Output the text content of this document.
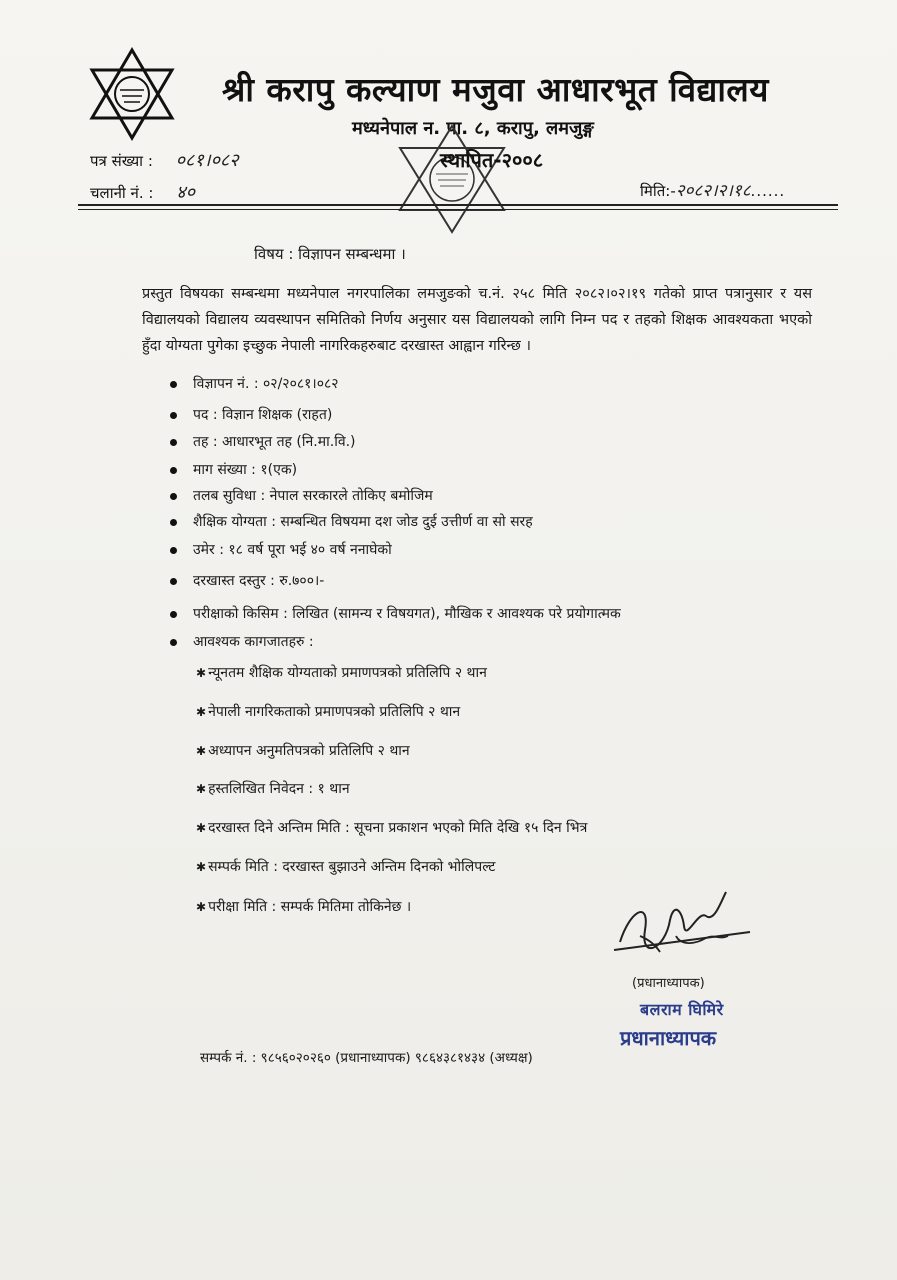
श्री करापु कल्याण मजुवा आधारभूत विद्यालय
मध्यनेपाल न. पा. ८, करापु, लमजुङ्ग
स्थापित-२००८
पत्र संख्या : ०८१।०८२
चलानी नं. : ४०	मिति:-२०८२।२।१८......
विषय : विज्ञापन सम्बन्धमा ।
प्रस्तुत विषयका सम्बन्धमा मध्यनेपाल नगरपालिका लमजुङको च.नं. २५८ मिति २०८२।०२।१९ गतेको प्राप्त पत्रानुसार र यस विद्यालयको विद्यालय व्यवस्थापन समितिको निर्णय अनुसार यस विद्यालयको लागि निम्न पद र तहको शिक्षक आवश्यकता भएको हुँदा योग्यता पुगेका इच्छुक नेपाली नागरिकहरुबाट दरखास्त आह्वान गरिन्छ ।
विज्ञापन नं. : ०२/२०८१।०८२
पद : विज्ञान शिक्षक (राहत)
तह : आधारभूत तह (नि.मा.वि.)
माग संख्या : १(एक)
तलब सुविधा : नेपाल सरकारले तोकिए बमोजिम
शैक्षिक योग्यता : सम्बन्धित विषयमा दश जोड दुई उत्तीर्ण वा सो सरह
उमेर : १८ वर्ष पूरा भई ४० वर्ष ननाघेको
दरखास्त दस्तुर : रु.७००।-
परीक्षाको किसिम : लिखित (सामन्य र विषयगत), मौखिक र आवश्यक परे प्रयोगात्मक
आवश्यक कागजातहरु :
✱ न्यूनतम शैक्षिक योग्यताको प्रमाणपत्रको प्रतिलिपि २ थान
✱ नेपाली नागरिकताको प्रमाणपत्रको प्रतिलिपि २ थान
✱ अध्यापन अनुमतिपत्रको प्रतिलिपि २ थान
✱ हस्तलिखित निवेदन : १ थान
✱ दरखास्त दिने अन्तिम मिति : सूचना प्रकाशन भएको मिति देखि १५ दिन भित्र
✱ सम्पर्क मिति : दरखास्त बुझाउने अन्तिम दिनको भोलिपल्ट
✱ परीक्षा मिति : सम्पर्क मितिमा तोकिनेछ ।
(प्रधानाध्यापक)
बलराम घिमिरे
प्रधानाध्यापक
सम्पर्क नं. : ९८५६०२०२६० (प्रधानाध्यापक) ९८६४३८१४३४ (अध्यक्ष)
